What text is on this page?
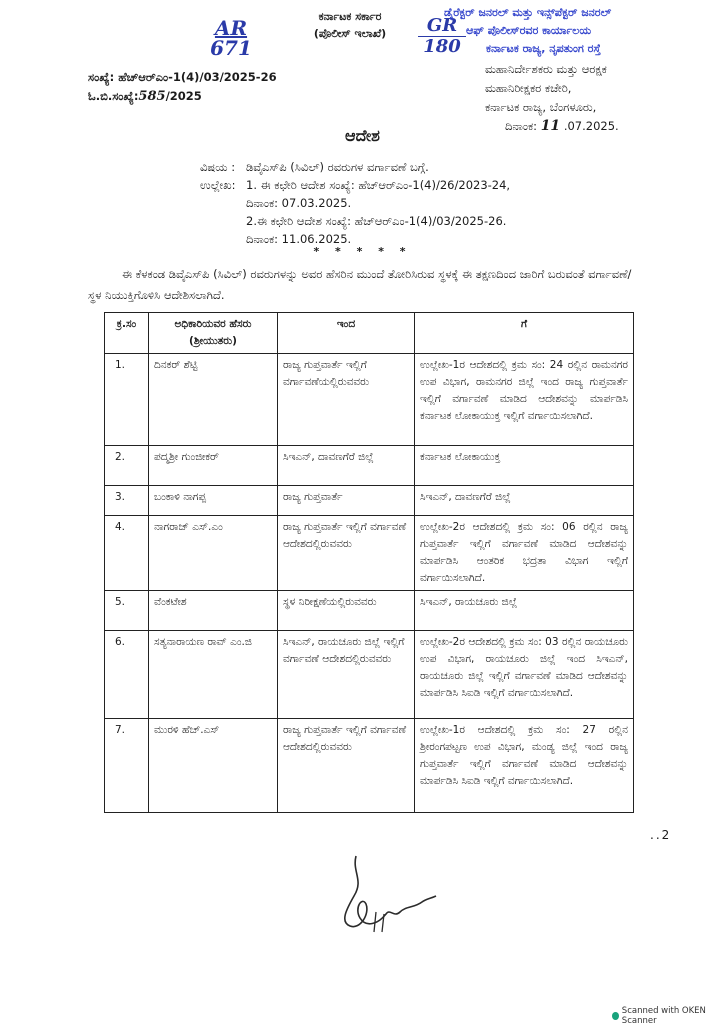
AR
671
GR
180
ಕರ್ನಾಟಕ ಸರ್ಕಾರ
(ಪೊಲೀಸ್ ಇಲಾಖೆ)
ಡೈರೆಕ್ಟರ್ ಜನರಲ್ ಮತ್ತು ಇನ್ಸ್‌ಪೆಕ್ಟರ್ ಜನರಲ್
ಆಫ್ ಪೊಲೀಸ್‌ರವರ ಕಾರ್ಯಾಲಯ
ಕರ್ನಾಟಕ ರಾಜ್ಯ, ನೃಪತುಂಗ ರಸ್ತೆ
ಮಹಾನಿರ್ದೇಶಕರು ಮತ್ತು ಆರಕ್ಷಕ
ಮಹಾನಿರೀಕ್ಷಕರ ಕಚೇರಿ,
ಕರ್ನಾಟಕ ರಾಜ್ಯ, ಬೆಂಗಳೂರು,
ದಿನಾಂಕ: 11 .07.2025.
ಸಂಖ್ಯೆ: ಹೆಚ್‌ಆರ್‌ಎಂ-1(4)/03/2025-26
ಓ.ಬಿ.ಸಂಖ್ಯೆ:585/2025
ಆದೇಶ
ವಿಷಯ : ಡಿವೈಎಸ್‌ಪಿ (ಸಿವಿಲ್) ರವರುಗಳ ವರ್ಗಾವಣೆ ಬಗ್ಗೆ.
ಉಲ್ಲೇಖ: 1. ಈ ಕಛೇರಿ ಆದೇಶ ಸಂಖ್ಯೆ: ಹೆಚ್‌ಆರ್‌ಎಂ-1(4)/26/2023-24,
ದಿನಾಂಕ: 07.03.2025.
2.ಈ ಕಛೇರಿ ಆದೇಶ ಸಂಖ್ಯೆ: ಹೆಚ್‌ಆರ್‌ಎಂ-1(4)/03/2025-26.
ದಿನಾಂಕ: 11.06.2025.
* * * * *
ಈ ಕೆಳಕಂಡ ಡಿವೈಎಸ್‌ಪಿ (ಸಿವಿಲ್) ರವರುಗಳನ್ನು ಅವರ ಹೆಸರಿನ ಮುಂದೆ ತೋರಿಸಿರುವ ಸ್ಥಳಕ್ಕೆ ಈ ತಕ್ಷಣದಿಂದ ಜಾರಿಗೆ ಬರುವಂತೆ ವರ್ಗಾವಣೆ/ ಸ್ಥಳ ನಿಯುಕ್ತಿಗೊಳಿಸಿ ಆದೇಶಿಸಲಾಗಿದೆ.
ಕ್ರ.ಸಂ	ಅಧಿಕಾರಿಯವರ ಹೆಸರು (ಶ್ರೀಯುತರು)	ಇಂದ	ಗೆ
1.	ದಿನಕರ್ ಶೆಟ್ಟಿ	ರಾಜ್ಯ ಗುಪ್ತವಾರ್ತೆ ಇಲ್ಲಿಗೆ ವರ್ಗಾವಣೆಯಲ್ಲಿರುವವರು	ಉಲ್ಲೇಖ-1ರ ಆದೇಶದಲ್ಲಿ ಕ್ರಮ ಸಂ: 24 ರಲ್ಲಿನ ರಾಮನಗರ ಉಪ ವಿಭಾಗ, ರಾಮನಗರ ಜಿಲ್ಲೆ ಇಂದ ರಾಜ್ಯ ಗುಪ್ತವಾರ್ತೆ ಇಲ್ಲಿಗೆ ವರ್ಗಾವಣೆ ಮಾಡಿದ ಆದೇಶವನ್ನು ಮಾರ್ಪಡಿಸಿ ಕರ್ನಾಟಕ ಲೋಕಾಯುಕ್ತ ಇಲ್ಲಿಗೆ ವರ್ಗಾಯಿಸಲಾಗಿದೆ.
2.	ಪದ್ಮಶ್ರೀ ಗುಂಜೀಕರ್	ಸಿಇಎನ್, ದಾವಣಗೆರೆ ಜಿಲ್ಲೆ	ಕರ್ನಾಟಕ ಲೋಕಾಯುಕ್ತ
3.	ಬಂಕಾಳಿ ನಾಗಪ್ಪ	ರಾಜ್ಯ ಗುಪ್ತವಾರ್ತೆ	ಸಿಇಎನ್, ದಾವಣಗೆರೆ ಜಿಲ್ಲೆ
4.	ನಾಗರಾಜ್ ಎಸ್.ಎಂ	ರಾಜ್ಯ ಗುಪ್ತವಾರ್ತೆ ಇಲ್ಲಿಗೆ ವರ್ಗಾವಣೆ ಆದೇಶದಲ್ಲಿರುವವರು	ಉಲ್ಲೇಖ-2ರ ಆದೇಶದಲ್ಲಿ ಕ್ರಮ ಸಂ: 06 ರಲ್ಲಿನ ರಾಜ್ಯ ಗುಪ್ತವಾರ್ತೆ ಇಲ್ಲಿಗೆ ವರ್ಗಾವಣೆ ಮಾಡಿದ ಆದೇಶವನ್ನು ಮಾರ್ಪಡಿಸಿ ಆಂತರಿಕ ಭದ್ರತಾ ವಿಭಾಗ ಇಲ್ಲಿಗೆ ವರ್ಗಾಯಿಸಲಾಗಿದೆ.
5.	ವೆಂಕಟೇಶ	ಸ್ಥಳ ನಿರೀಕ್ಷಣೆಯಲ್ಲಿರುವವರು	ಸಿಇಎನ್, ರಾಯಚೂರು ಜಿಲ್ಲೆ
6.	ಸತ್ಯನಾರಾಯಣ ರಾವ್ ಎಂ.ಜಿ	ಸಿಇಎನ್, ರಾಯಚೂರು ಜಿಲ್ಲೆ ಇಲ್ಲಿಗೆ ವರ್ಗಾವಣೆ ಆದೇಶದಲ್ಲಿರುವವರು	ಉಲ್ಲೇಖ-2ರ ಆದೇಶದಲ್ಲಿ ಕ್ರಮ ಸಂ: 03 ರಲ್ಲಿನ ರಾಯಚೂರು ಉಪ ವಿಭಾಗ, ರಾಯಚೂರು ಜಿಲ್ಲೆ ಇಂದ ಸಿಇಎನ್, ರಾಯಚೂರು ಜಿಲ್ಲೆ ಇಲ್ಲಿಗೆ ವರ್ಗಾವಣೆ ಮಾಡಿದ ಆದೇಶವನ್ನು ಮಾರ್ಪಡಿಸಿ ಸಿಐಡಿ ಇಲ್ಲಿಗೆ ವರ್ಗಾಯಿಸಲಾಗಿದೆ.
7.	ಮುರಳಿ ಹೆಚ್.ಎಸ್	ರಾಜ್ಯ ಗುಪ್ತವಾರ್ತೆ ಇಲ್ಲಿಗೆ ವರ್ಗಾವಣೆ ಆದೇಶದಲ್ಲಿರುವವರು	ಉಲ್ಲೇಖ-1ರ ಆದೇಶದಲ್ಲಿ ಕ್ರಮ ಸಂ: 27 ರಲ್ಲಿನ ಶ್ರೀರಂಗಪಟ್ಟಣ ಉಪ ವಿಭಾಗ, ಮಂಡ್ಯ ಜಿಲ್ಲೆ ಇಂದ ರಾಜ್ಯ ಗುಪ್ತವಾರ್ತೆ ಇಲ್ಲಿಗೆ ವರ್ಗಾವಣೆ ಮಾಡಿದ ಆದೇಶವನ್ನು ಮಾರ್ಪಡಿಸಿ ಸಿಐಡಿ ಇಲ್ಲಿಗೆ ವರ್ಗಾಯಿಸಲಾಗಿದೆ.
..2
Scanned with OKEN Scanner
